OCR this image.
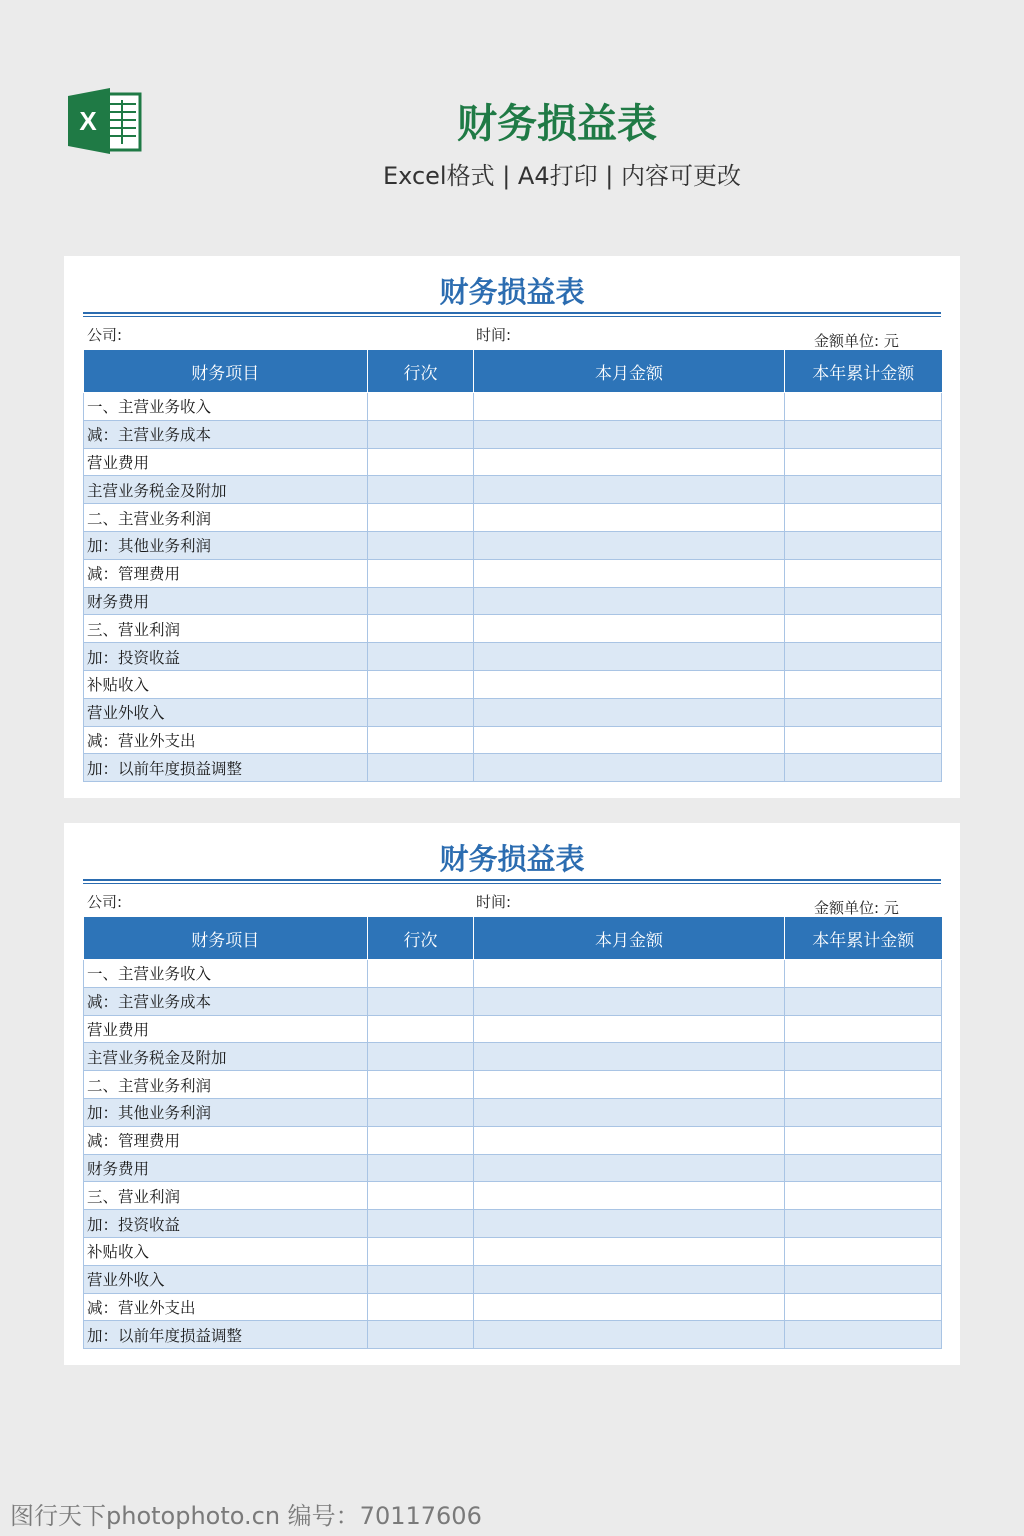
X	财务损益表
Excel格式 | A4打印 | 内容可更改
财务损益表
公司:	时间:	金额单位: 元
财务项目	行次	本月金额	本年累计金额
一、主营业务收入			
减：主营业务成本			
营业费用			
主营业务税金及附加			
二、主营业务利润			
加：其他业务利润			
减：管理费用			
财务费用			
三、营业利润			
加：投资收益			
补贴收入			
营业外收入			
减：营业外支出			
加：以前年度损益调整			
财务损益表
公司:	时间:	金额单位: 元
财务项目	行次	本月金额	本年累计金额
一、主营业务收入			
减：主营业务成本			
营业费用			
主营业务税金及附加			
二、主营业务利润			
加：其他业务利润			
减：管理费用			
财务费用			
三、营业利润			
加：投资收益			
补贴收入			
营业外收入			
减：营业外支出			
加：以前年度损益调整			
图行天下photophoto.cn 编号：70117606
